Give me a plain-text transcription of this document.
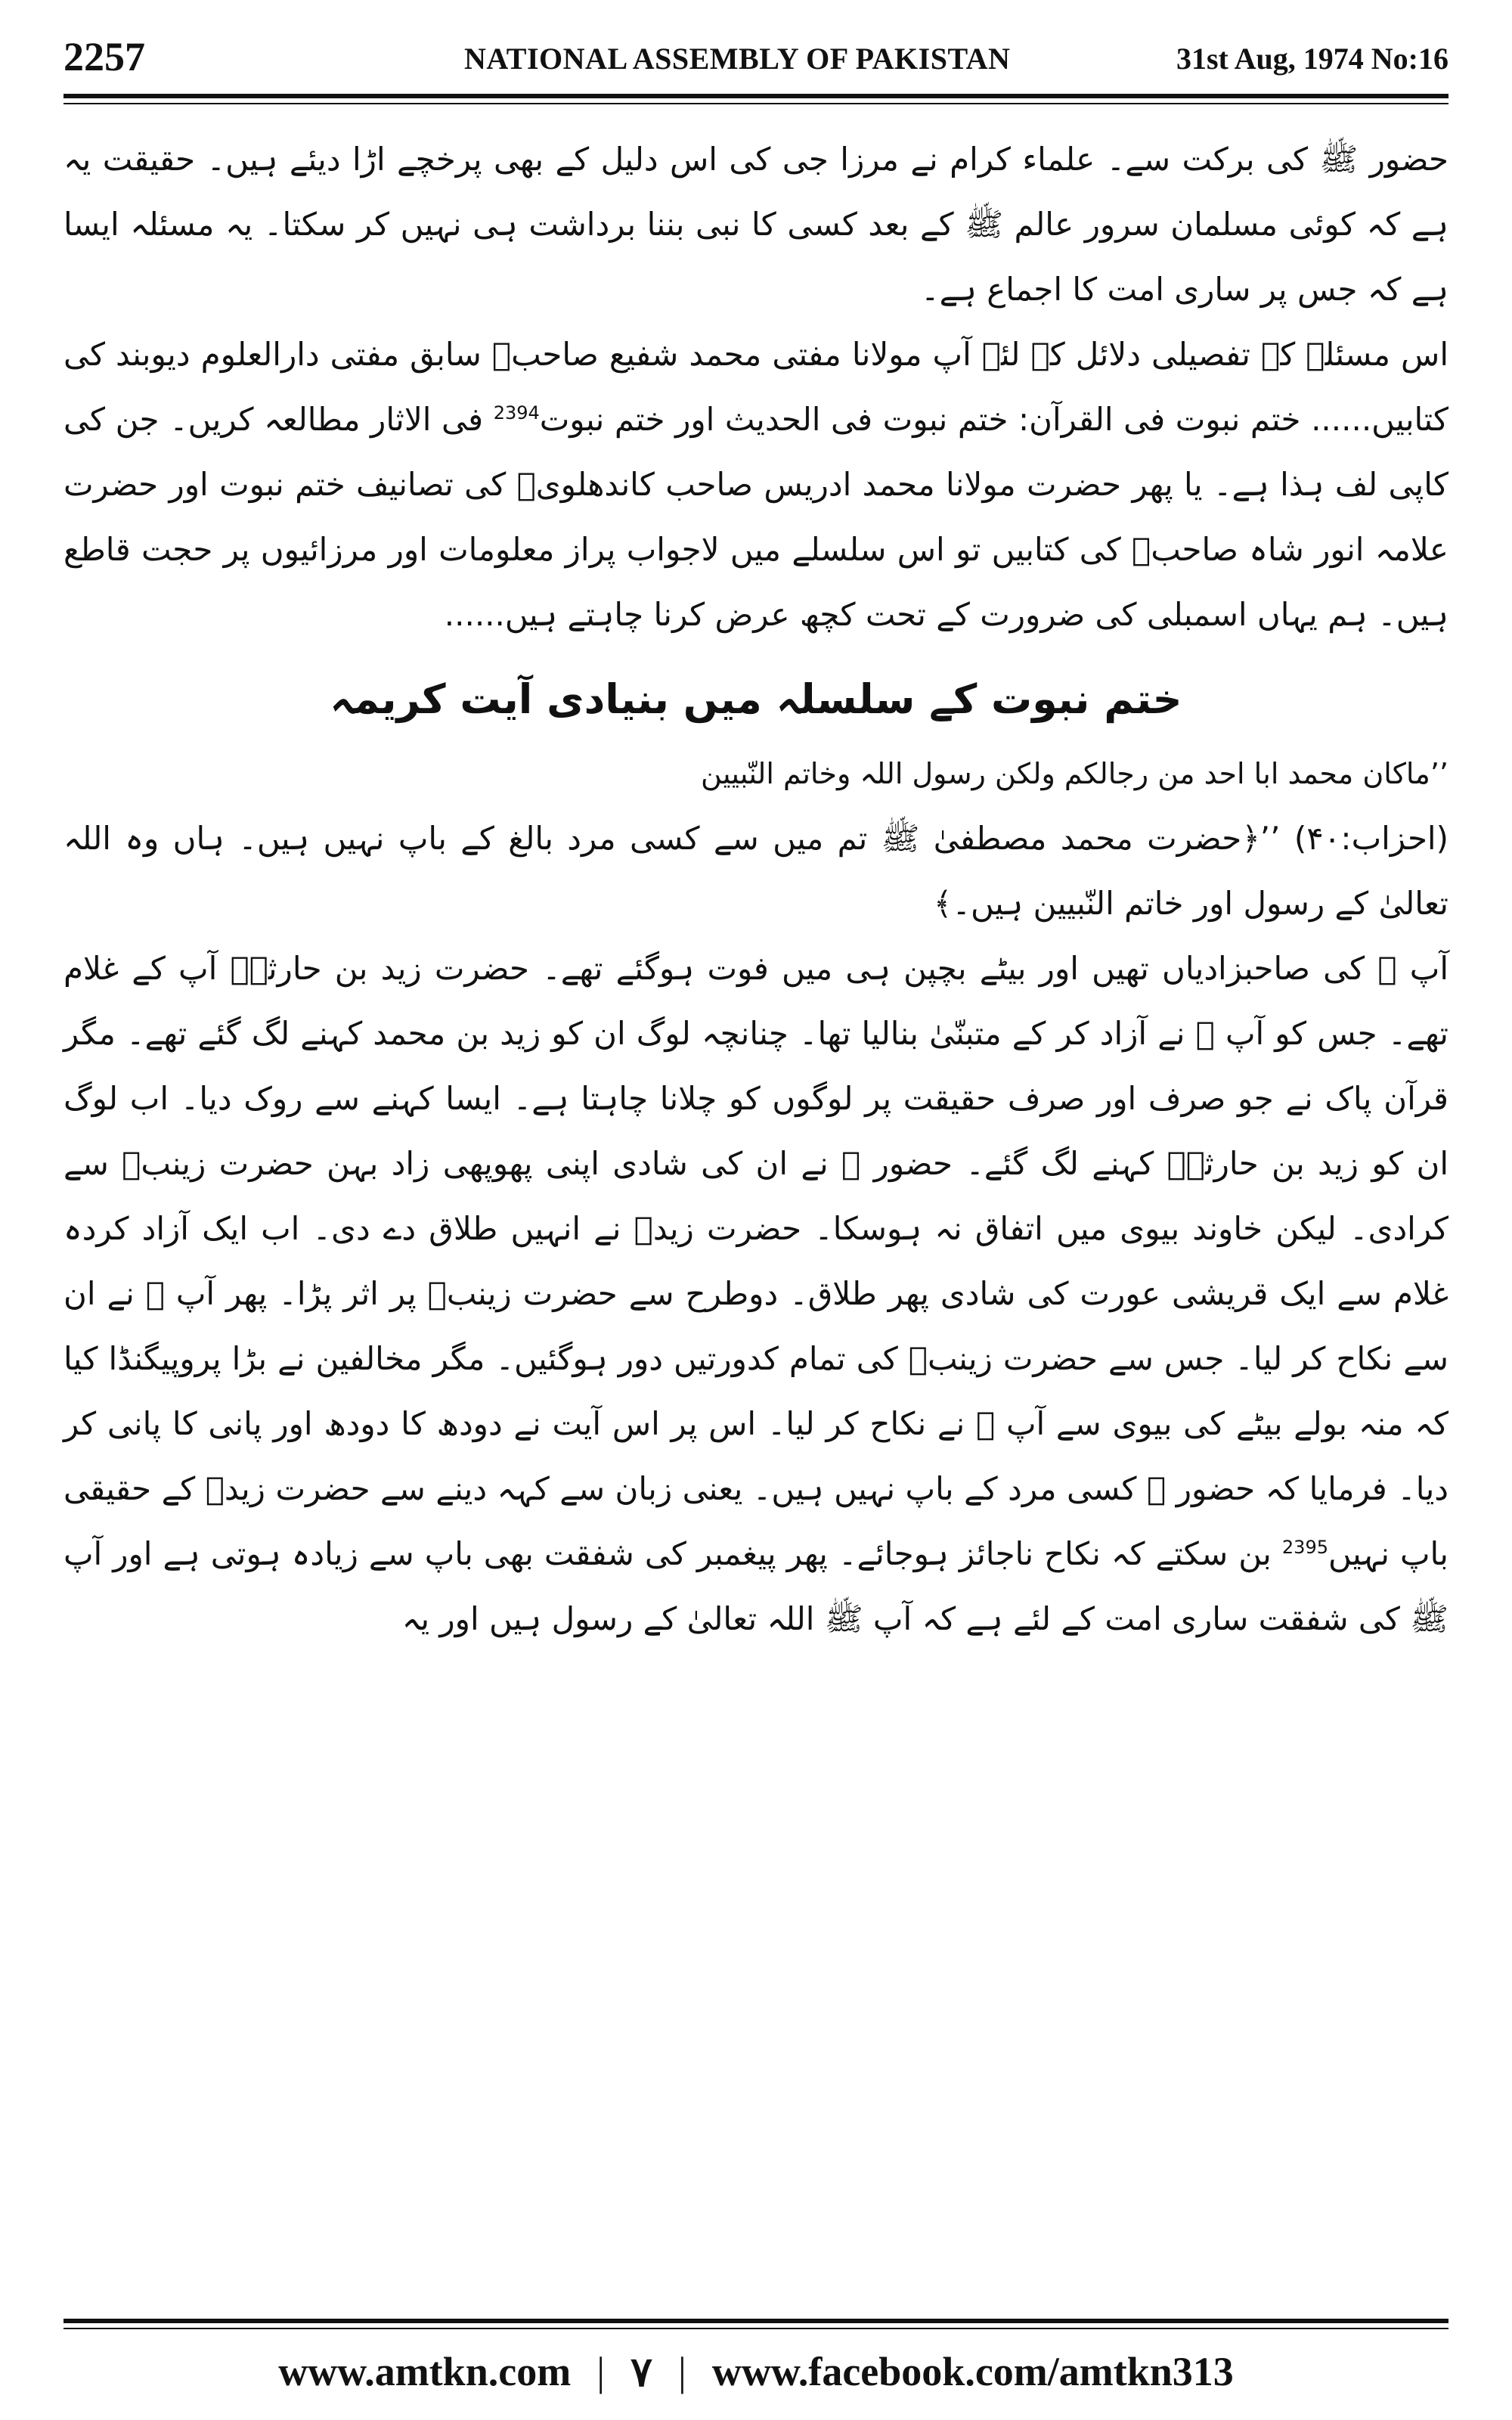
2257	NATIONAL ASSEMBLY OF PAKISTAN	31st Aug, 1974 No:16

حضور ﷺ کی برکت سے۔ علماء کرام نے مرزا جی کی اس دلیل کے بھی پرخچے اڑا دیئے ہیں۔ حقیقت یہ ہے کہ کوئی مسلمان سرور عالم ﷺ کے بعد کسی کا نبی بننا برداشت ہی نہیں کر سکتا۔ یہ مسئلہ ایسا ہے کہ جس پر ساری امت کا اجماع ہے۔

اس مسئلہ کے تفصیلی دلائل کے لئے آپ مولانا مفتی محمد شفیع صاحبؒ سابق مفتی دارالعلوم دیوبند کی کتابیں...... ختم نبوت فی القرآن: ختم نبوت فی الحدیث اور ختم نبوت$^{2394}$ فی الاثار مطالعہ کریں۔ جن کی کاپی لف ہذا ہے۔ یا پھر حضرت مولانا محمد ادریس صاحب کاندھلویؒ کی تصانیف ختم نبوت اور حضرت علامہ انور شاہ صاحبؒ کی کتابیں تو اس سلسلے میں لاجواب پراز معلومات اور مرزائیوں پر حجت قاطع ہیں۔ ہم یہاں اسمبلی کی ضرورت کے تحت کچھ عرض کرنا چاہتے ہیں......

ختم نبوت کے سلسلہ میں بنیادی آیت کریمہ

’’ماکان محمد ابا احد من رجالکم ولکن رسول اللہ وخاتم النّبیین

(احزاب:۴۰) ’’﴿حضرت محمد مصطفیٰ ﷺ تم میں سے کسی مرد بالغ کے باپ نہیں ہیں۔ ہاں وہ اللہ تعالیٰ کے رسول اور خاتم النّبیین ہیں۔﴾

آپ ﷺ کی صاحبزادیاں تھیں اور بیٹے بچپن ہی میں فوت ہوگئے تھے۔ حضرت زید بن حارثہؓ آپ کے غلام تھے۔ جس کو آپ ﷺ نے آزاد کر کے متبنّیٰ بنالیا تھا۔ چنانچہ لوگ ان کو زید بن محمد کہنے لگ گئے تھے۔ مگر قرآن پاک نے جو صرف اور صرف حقیقت پر لوگوں کو چلانا چاہتا ہے۔ ایسا کہنے سے روک دیا۔ اب لوگ ان کو زید بن حارثہؓ کہنے لگ گئے۔ حضور ﷺ نے ان کی شادی اپنی پھوپھی زاد بہن حضرت زینبؓ سے کرادی۔ لیکن خاوند بیوی میں اتفاق نہ ہوسکا۔ حضرت زیدؓ نے انہیں طلاق دے دی۔ اب ایک آزاد کردہ غلام سے ایک قریشی عورت کی شادی پھر طلاق۔ دوطرح سے حضرت زینبؓ پر اثر پڑا۔ پھر آپ ﷺ نے ان سے نکاح کر لیا۔ جس سے حضرت زینبؓ کی تمام کدورتیں دور ہوگئیں۔ مگر مخالفین نے بڑا پروپیگنڈا کیا کہ منہ بولے بیٹے کی بیوی سے آپ ﷺ نے نکاح کر لیا۔ اس پر اس آیت نے دودھ کا دودھ اور پانی کا پانی کر دیا۔ فرمایا کہ حضور ﷺ کسی مرد کے باپ نہیں ہیں۔ یعنی زبان سے کہہ دینے سے حضرت زیدؓ کے حقیقی باپ نہیں$^{2395}$ بن سکتے کہ نکاح ناجائز ہوجائے۔ پھر پیغمبر کی شفقت بھی باپ سے زیادہ ہوتی ہے اور آپ ﷺ کی شفقت ساری امت کے لئے ہے کہ آپ ﷺ اللہ تعالیٰ کے رسول ہیں اور یہ

www.amtkn.com | ۷ | www.facebook.com/amtkn313
